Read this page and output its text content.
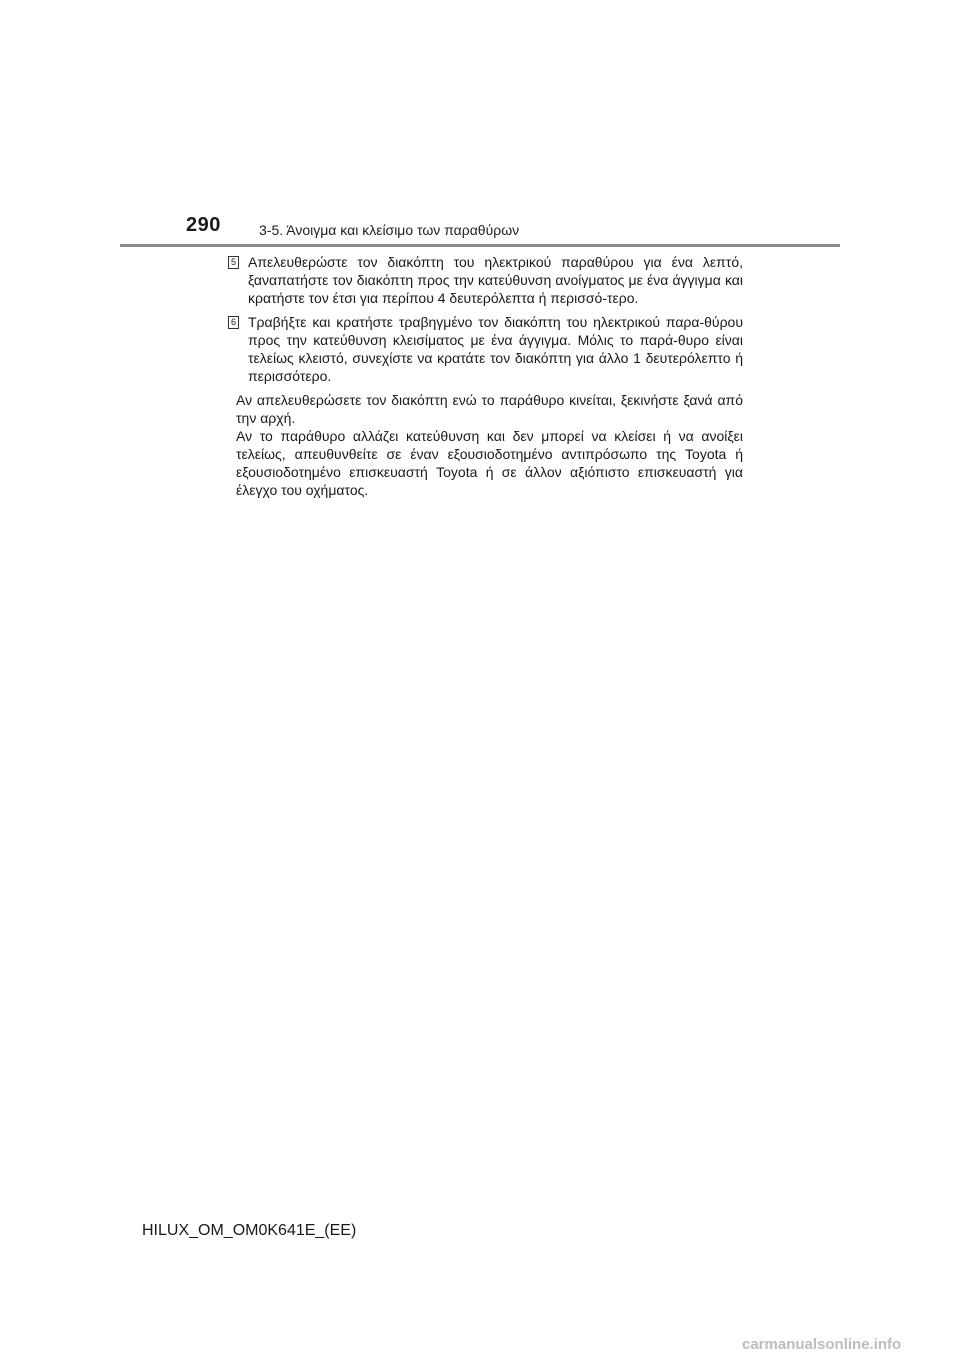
290	3-5. Άνοιγμα και κλείσιμο των παραθύρων
5 Απελευθερώστε τον διακόπτη του ηλεκτρικού παραθύρου για ένα λεπτό, ξαναπατήστε τον διακόπτη προς την κατεύθυνση ανοίγματος με ένα άγγιγμα και κρατήστε τον έτσι για περίπου 4 δευτερόλεπτα ή περισσό-τερο.
6 Τραβήξτε και κρατήστε τραβηγμένο τον διακόπτη του ηλεκτρικού παρα-θύρου προς την κατεύθυνση κλεισίματος με ένα άγγιγμα. Μόλις το παρά-θυρο είναι τελείως κλειστό, συνεχίστε να κρατάτε τον διακόπτη για άλλο 1 δευτερόλεπτο ή περισσότερο.
Αν απελευθερώσετε τον διακόπτη ενώ το παράθυρο κινείται, ξεκινήστε ξανά από την αρχή.
Αν το παράθυρο αλλάζει κατεύθυνση και δεν μπορεί να κλείσει ή να ανοίξει τελείως, απευθυνθείτε σε έναν εξουσιοδοτημένο αντιπρόσωπο της Toyota ή εξουσιοδοτημένο επισκευαστή Toyota ή σε άλλον αξιόπιστο επισκευαστή για έλεγχο του οχήματος.
HILUX_OM_OM0K641E_(EE)
carmanualsonline.info
